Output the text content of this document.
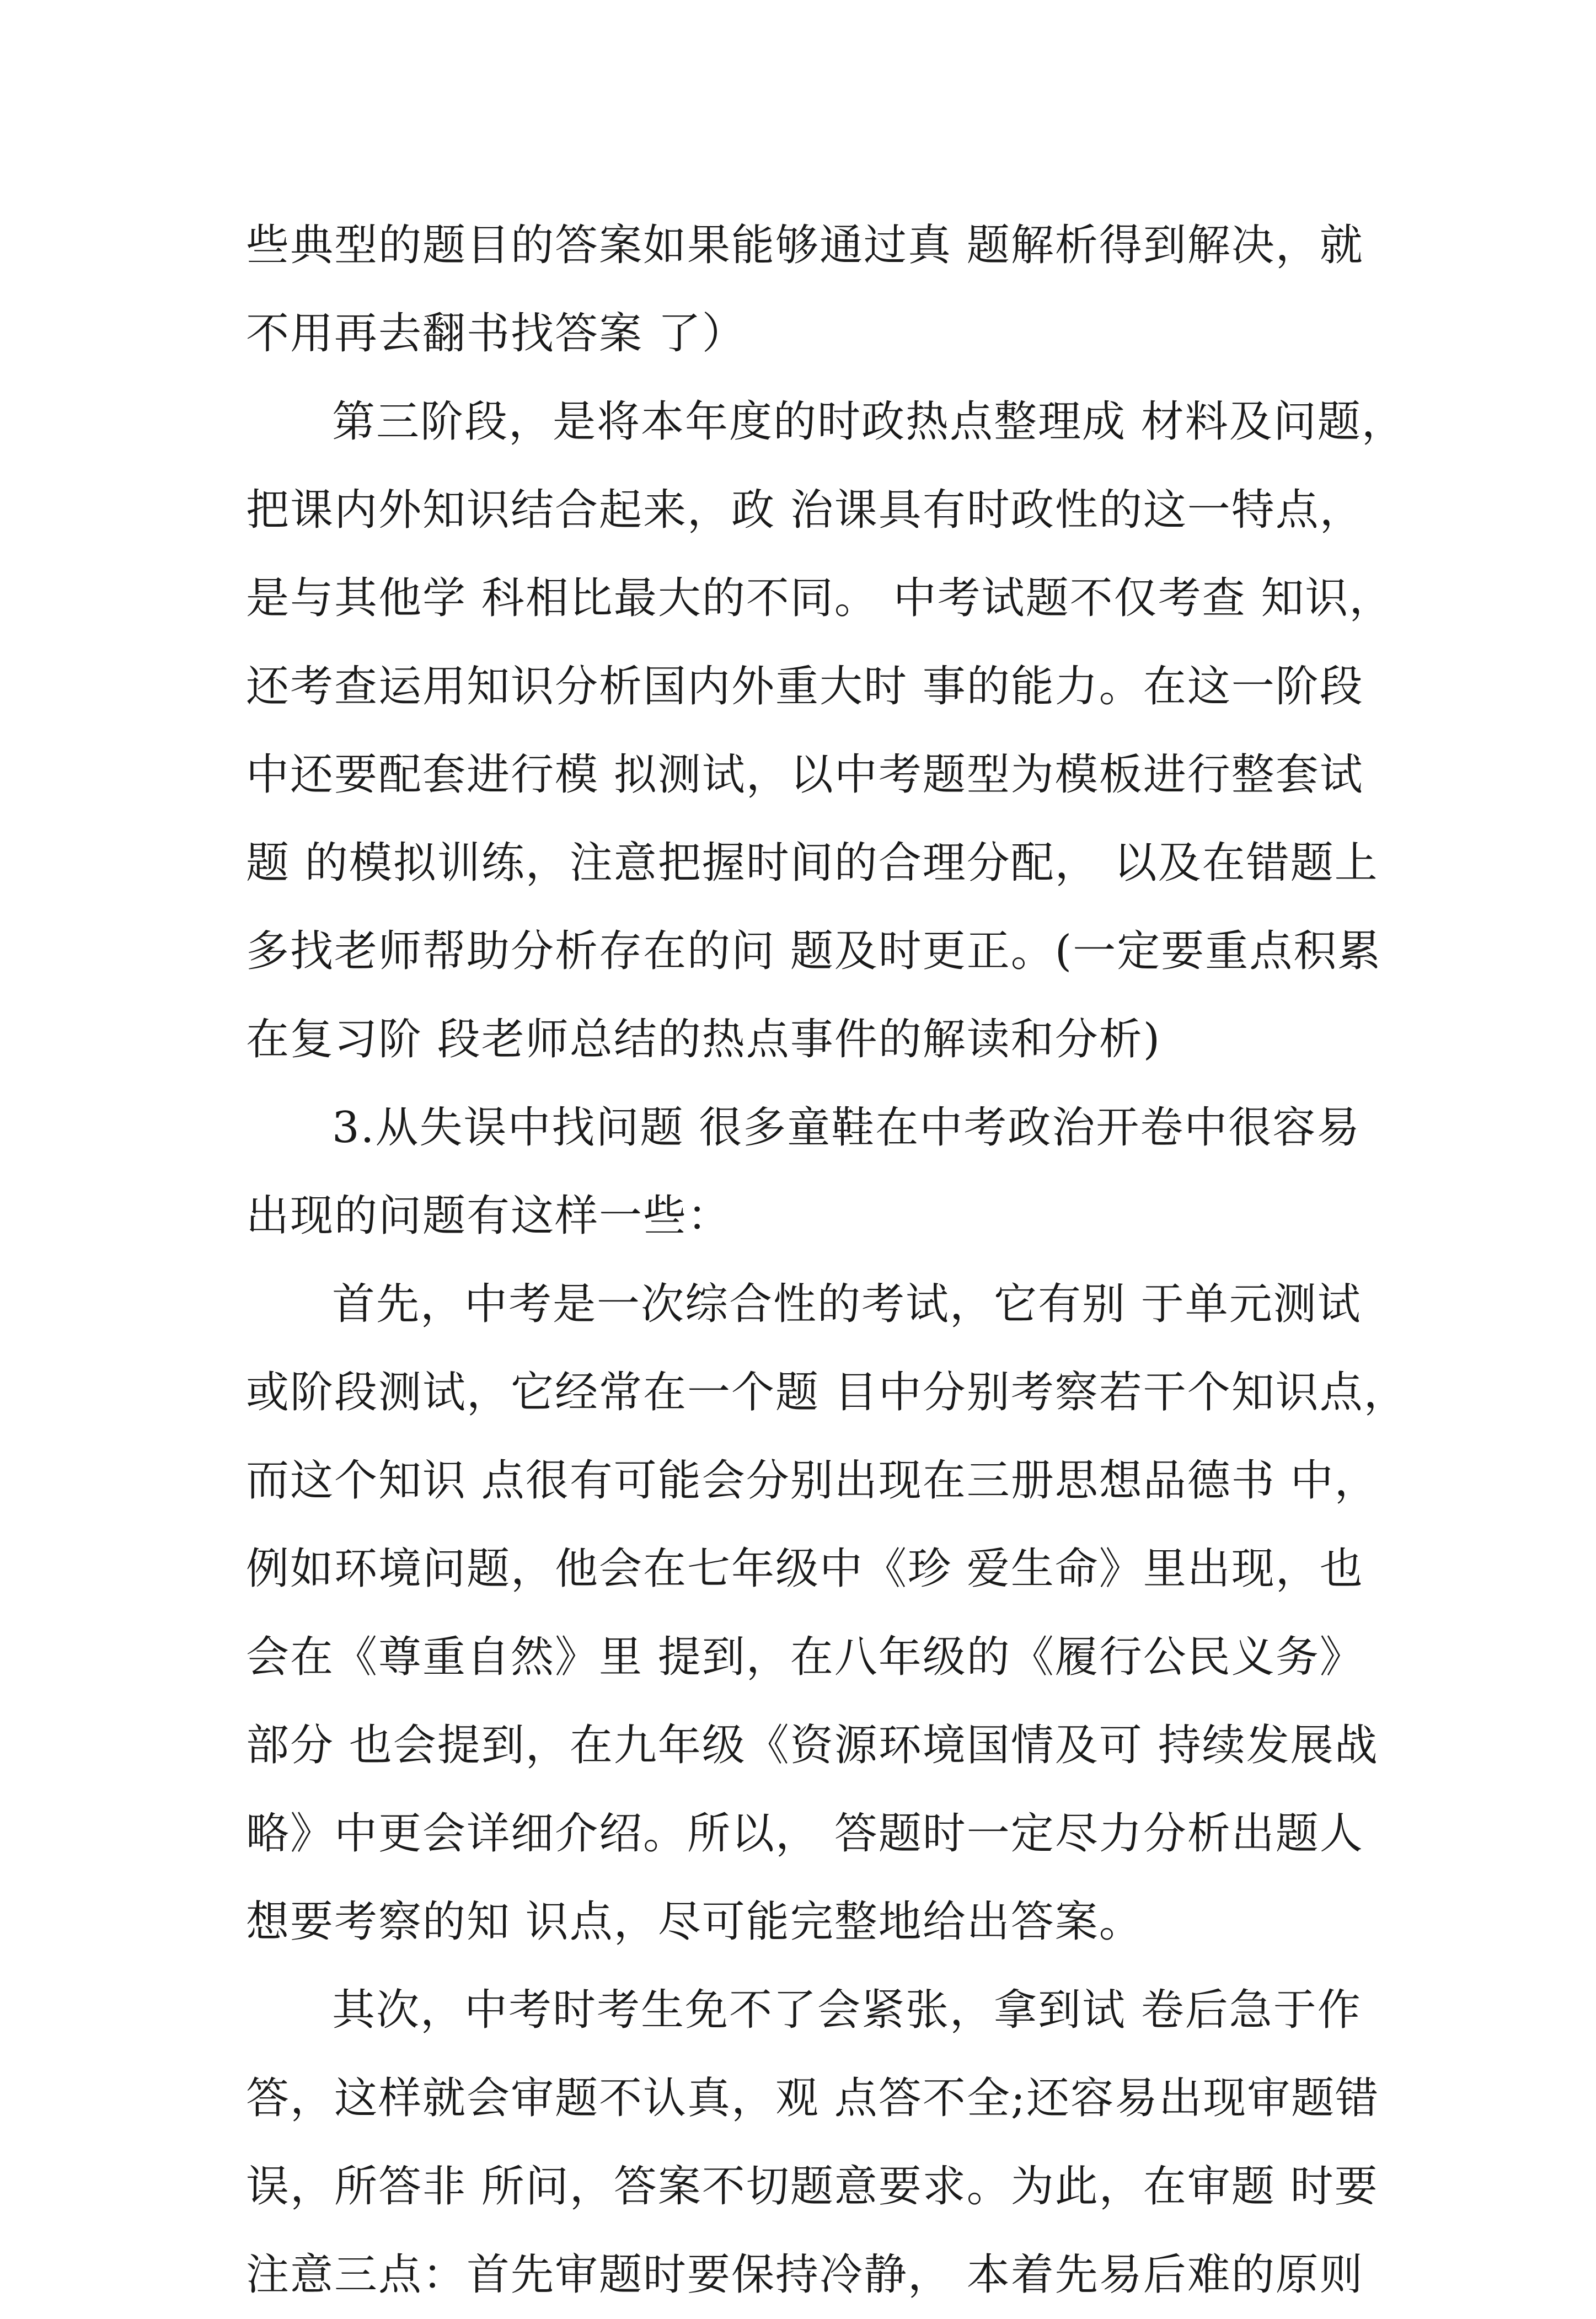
些典型的题目的答案如果能够通过真 题解析得到解决，就

不用再去翻书找答案 了）

第三阶段，是将本年度的时政热点整理成 材料及问题，

把课内外知识结合起来，政 治课具有时政性的这一特点，

是与其他学 科相比最大的不同。 中考试题不仅考查 知识，

还考查运用知识分析国内外重大时 事的能力。在这一阶段

中还要配套进行模 拟测试，以中考题型为模板进行整套试

题 的模拟训练，注意把握时间的合理分配， 以及在错题上

多找老师帮助分析存在的问 题及时更正。(一定要重点积累

在复习阶 段老师总结的热点事件的解读和分析)

3.从失误中找问题 很多童鞋在中考政治开卷中很容易

出现的问题有这样一些：

首先，中考是一次综合性的考试，它有别 于单元测试

或阶段测试，它经常在一个题 目中分别考察若干个知识点，

而这个知识 点很有可能会分别出现在三册思想品德书 中，

例如环境问题，他会在七年级中《珍 爱生命》里出现，也

会在《尊重自然》里 提到，在八年级的《履行公民义务》

部分 也会提到，在九年级《资源环境国情及可 持续发展战

略》中更会详细介绍。所以， 答题时一定尽力分析出题人

想要考察的知 识点，尽可能完整地给出答案。

其次，中考时考生免不了会紧张，拿到试 卷后急于作

答，这样就会审题不认真，观 点答不全;还容易出现审题错

误，所答非 所问，答案不切题意要求。为此，在审题 时要

注意三点：首先审题时要保持冷静， 本着先易后难的原则
